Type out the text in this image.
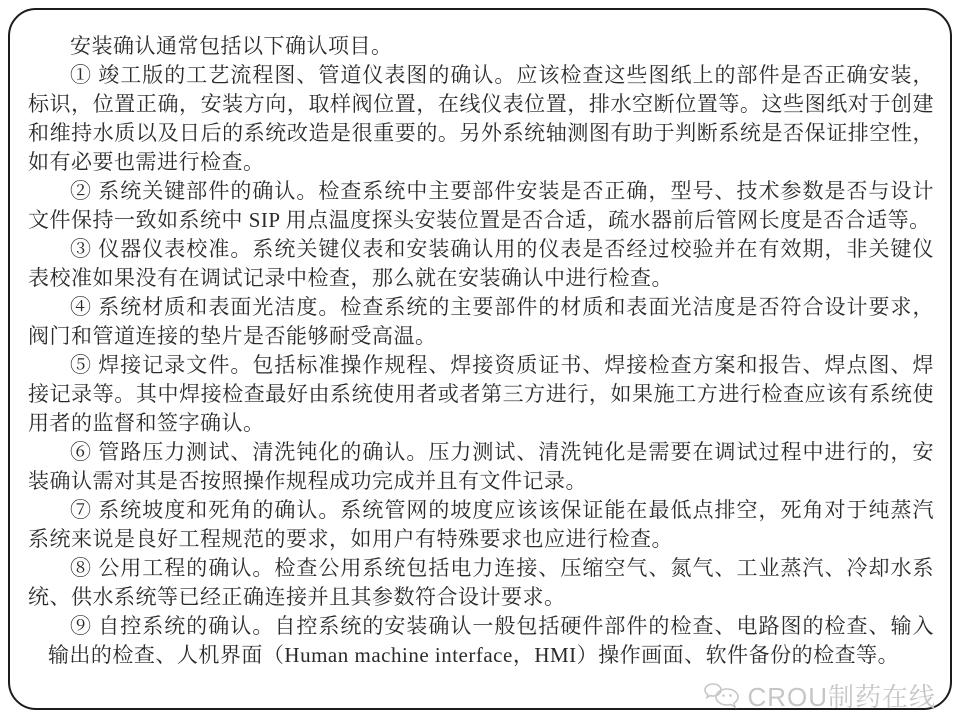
安装确认通常包括以下确认项目。

① 竣工版的工艺流程图、管道仪表图的确认。应该检查这些图纸上的部件是否正确安装，标识，位置正确，安装方向，取样阀位置，在线仪表位置，排水空断位置等。这些图纸对于创建和维持水质以及日后的系统改造是很重要的。另外系统轴测图有助于判断系统是否保证排空性，如有必要也需进行检查。

② 系统关键部件的确认。检查系统中主要部件安装是否正确，型号、技术参数是否与设计文件保持一致如系统中 SIP 用点温度探头安装位置是否合适，疏水器前后管网长度是否合适等。

③ 仪器仪表校准。系统关键仪表和安装确认用的仪表是否经过校验并在有效期，非关键仪表校准如果没有在调试记录中检查，那么就在安装确认中进行检查。

④ 系统材质和表面光洁度。检查系统的主要部件的材质和表面光洁度是否符合设计要求，阀门和管道连接的垫片是否能够耐受高温。

⑤ 焊接记录文件。包括标准操作规程、焊接资质证书、焊接检查方案和报告、焊点图、焊接记录等。其中焊接检查最好由系统使用者或者第三方进行，如果施工方进行检查应该有系统使用者的监督和签字确认。

⑥ 管路压力测试、清洗钝化的确认。压力测试、清洗钝化是需要在调试过程中进行的，安装确认需对其是否按照操作规程成功完成并且有文件记录。

⑦ 系统坡度和死角的确认。系统管网的坡度应该该保证能在最低点排空，死角对于纯蒸汽系统来说是良好工程规范的要求，如用户有特殊要求也应进行检查。

⑧ 公用工程的确认。检查公用系统包括电力连接、压缩空气、氮气、工业蒸汽、冷却水系统、供水系统等已经正确连接并且其参数符合设计要求。

⑨ 自控系统的确认。自控系统的安装确认一般包括硬件部件的检查、电路图的检查、输入输出的检查、人机界面（Human machine interface，HMI）操作画面、软件备份的检查等。

CROU制药在线
